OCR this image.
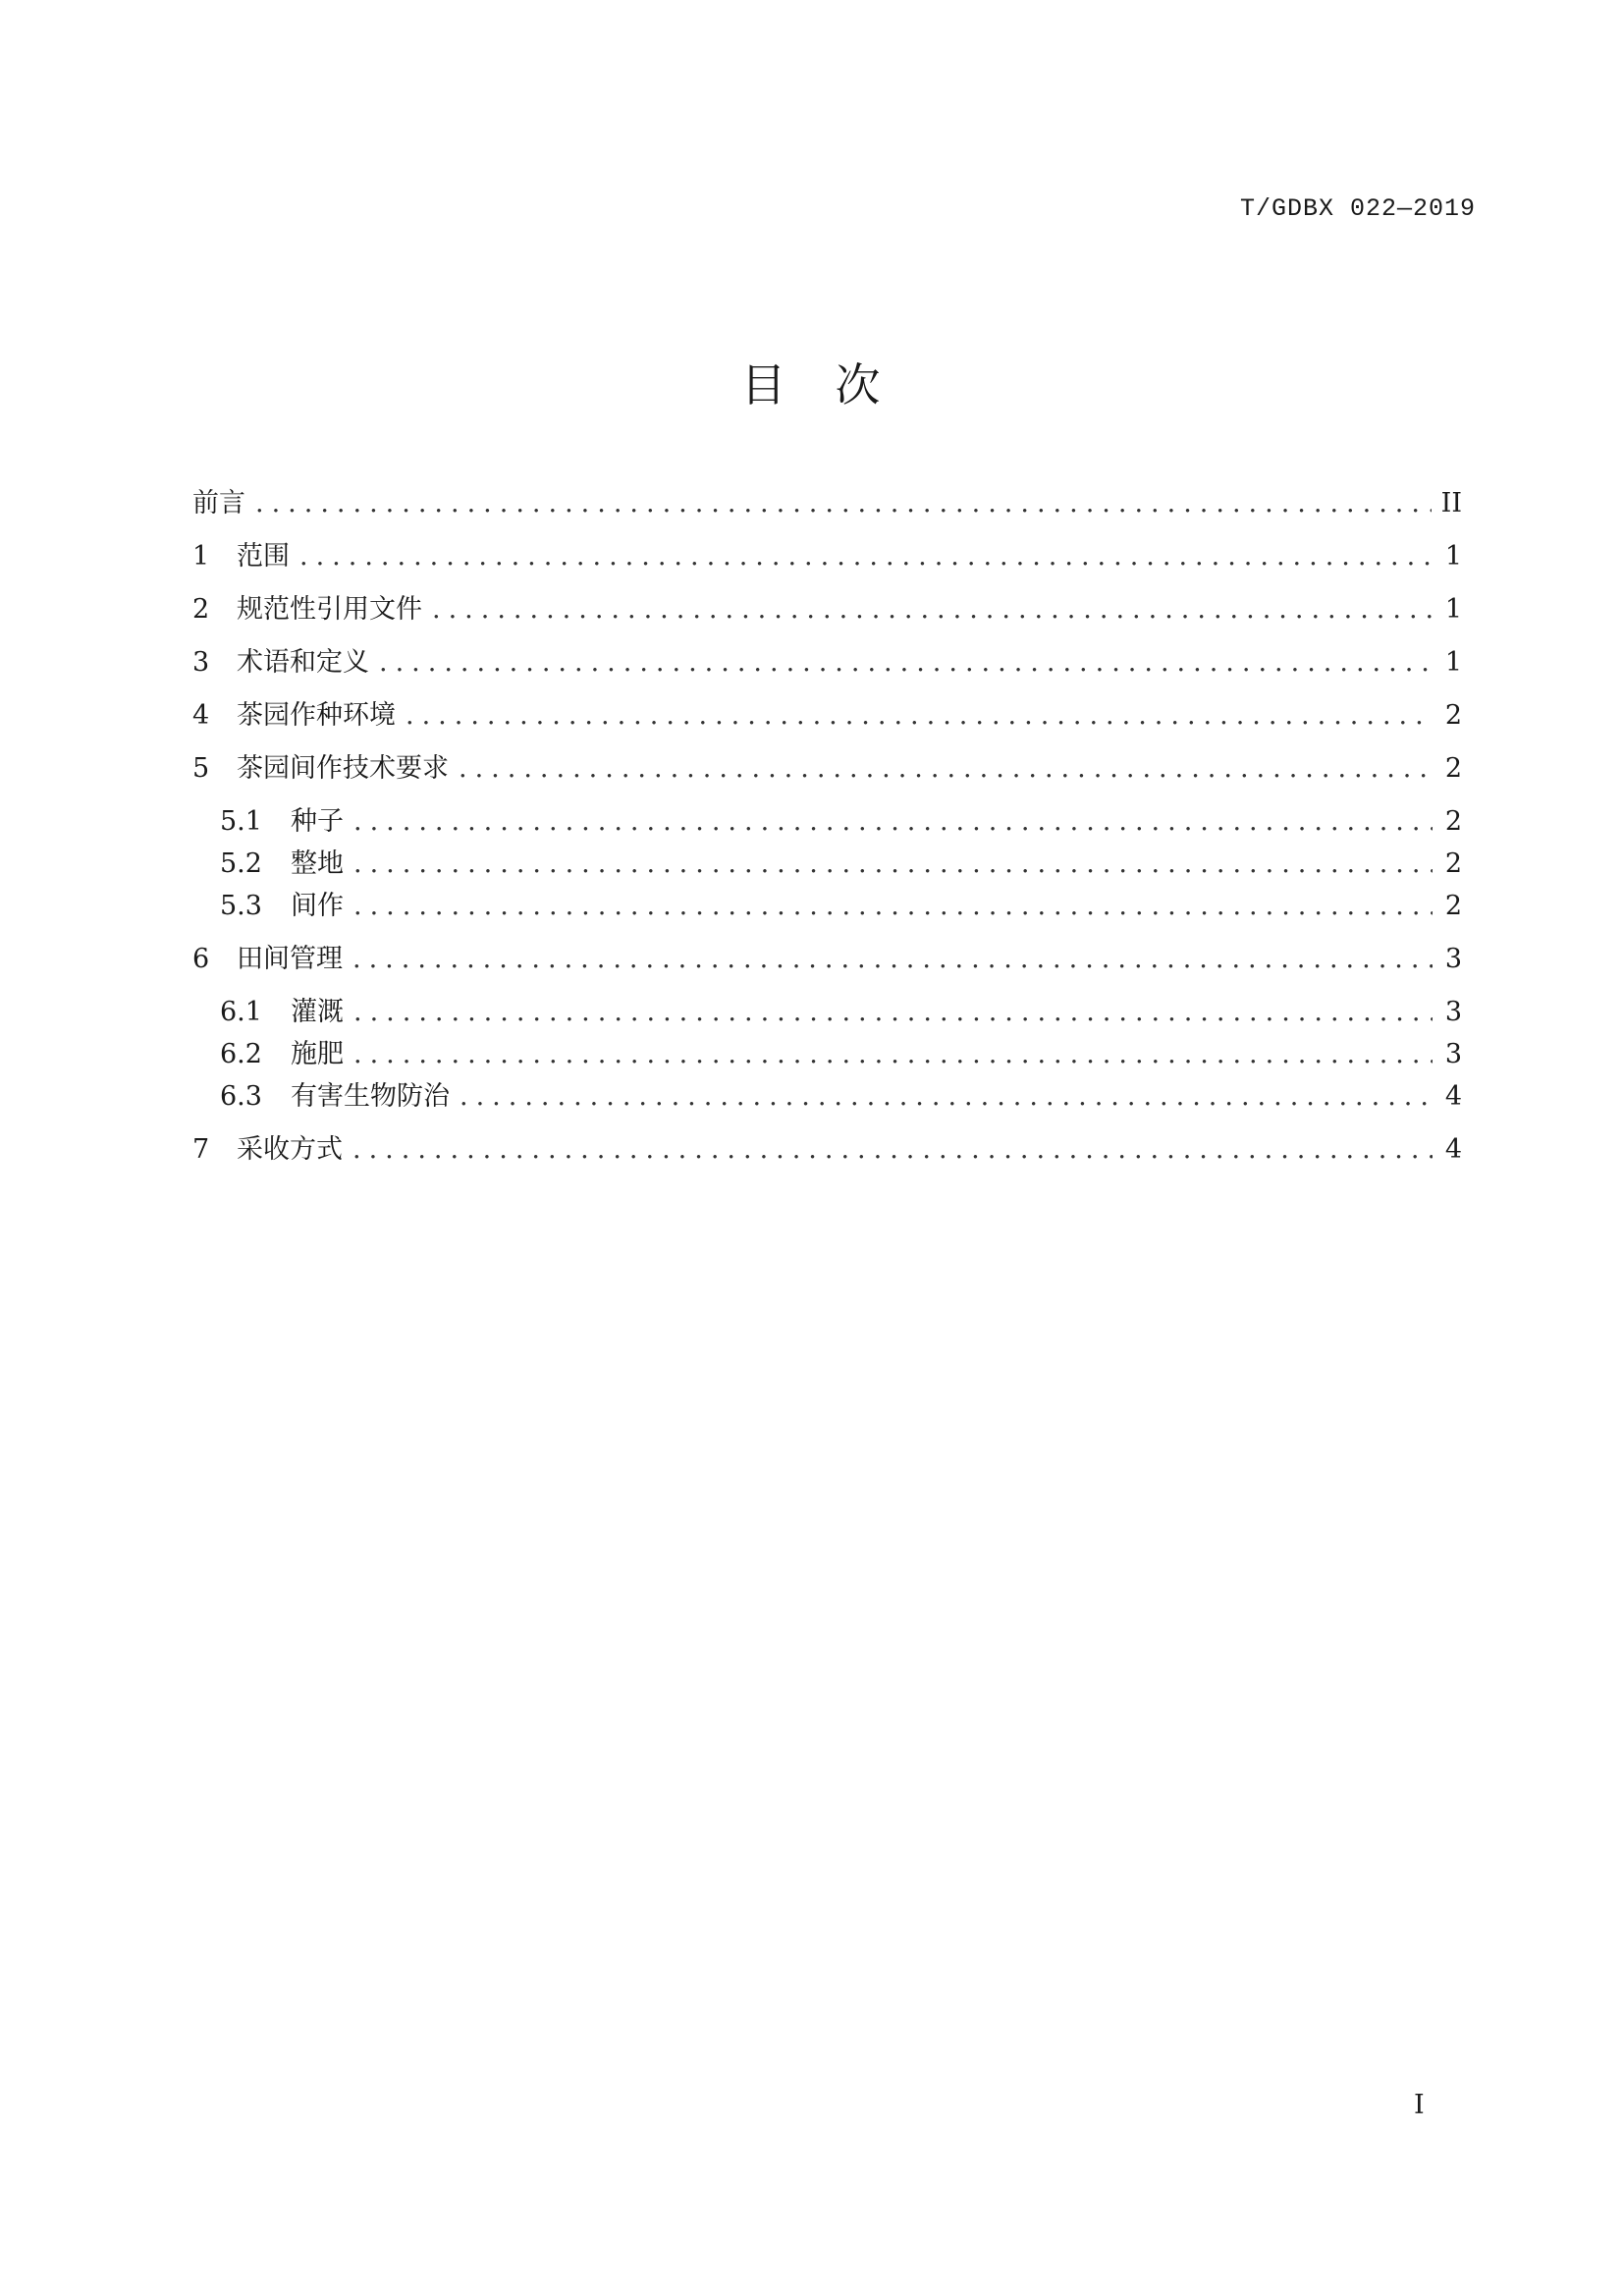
T/GDBX 022—2019
目　次
前言 .....	II
1	范围 .....	1
2	规范性引用文件 .....	1
3	术语和定义 .....	1
4	茶园作种环境 .....	2
5	茶园间作技术要求 .....	2
5.1	种子 .....	2
5.2	整地 .....	2
5.3	间作 .....	2
6	田间管理 .....	3
6.1	灌溉 .....	3
6.2	施肥 .....	3
6.3	有害生物防治 .....	4
7	采收方式 .....	4
I
